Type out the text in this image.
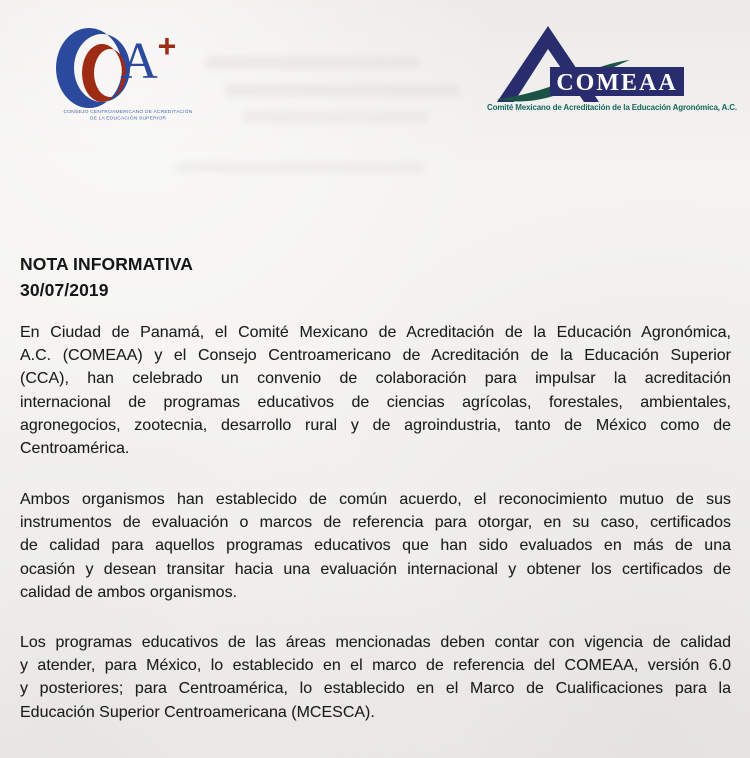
A +
CONSEJO CENTROAMERICANO DE ACREDITACIÓN
DE LA EDUCACIÓN SUPERIOR
COMEAA
Comité Mexicano de Acreditación de la Educación Agronómica, A.C.
NOTA INFORMATIVA
30/07/2019
En Ciudad de Panamá, el Comité Mexicano de Acreditación de la Educación Agronómica,
A.C. (COMEAA) y el Consejo Centroamericano de Acreditación de la Educación Superior
(CCA), han celebrado un convenio de colaboración para impulsar la acreditación
internacional de programas educativos de ciencias agrícolas, forestales, ambientales,
agronegocios, zootecnia, desarrollo rural y de agroindustria, tanto de México como de
Centroamérica.
Ambos organismos han establecido de común acuerdo, el reconocimiento mutuo de sus
instrumentos de evaluación o marcos de referencia para otorgar, en su caso, certificados
de calidad para aquellos programas educativos que han sido evaluados en más de una
ocasión y desean transitar hacia una evaluación internacional y obtener los certificados de
calidad de ambos organismos.
Los programas educativos de las áreas mencionadas deben contar con vigencia de calidad
y atender, para México, lo establecido en el marco de referencia del COMEAA, versión 6.0
y posteriores; para Centroamérica, lo establecido en el Marco de Cualificaciones para la
Educación Superior Centroamericana (MCESCA).
